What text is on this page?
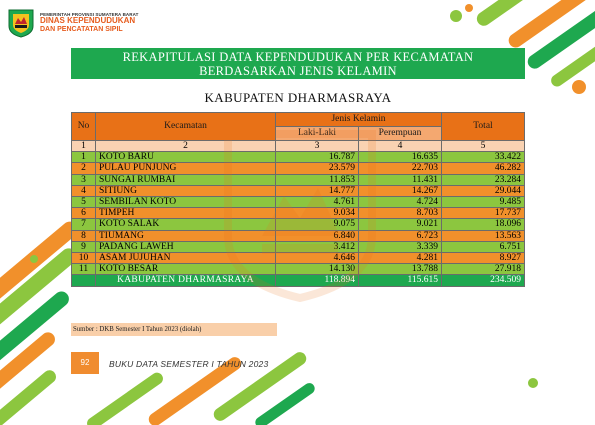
PEMERINTAH PROVINSI SUMATERA BARAT
DINAS KEPENDUDUKAN
DAN PENCATATAN SIPIL
REKAPITULASI DATA KEPENDUDUKAN PER KECAMATAN
BERDASARKAN JENIS KELAMIN
KABUPATEN DHARMASRAYA
No	Kecamatan	Jenis Kelamin		Total
		Laki-Laki	Perempuan	
1	2	3	4	5
1	KOTO BARU	16.787	16.635	33.422
2	PULAU PUNJUNG	23.579	22.703	46.282
3	SUNGAI RUMBAI	11.853	11.431	23.284
4	SITIUNG	14.777	14.267	29.044
5	SEMBILAN KOTO	4.761	4.724	9.485
6	TIMPEH	9.034	8.703	17.737
7	KOTO SALAK	9.075	9.021	18.096
8	TIUMANG	6.840	6.723	13.563
9	PADANG LAWEH	3.412	3.339	6.751
10	ASAM JUJUHAN	4.646	4.281	8.927
11	KOTO BESAR	14.130	13.788	27.918
	KABUPATEN DHARMASRAYA	118.894	115.615	234.509
Sumber : DKB Semester I Tahun 2023 (diolah)
92	BUKU DATA SEMESTER I TAHUN 2023
